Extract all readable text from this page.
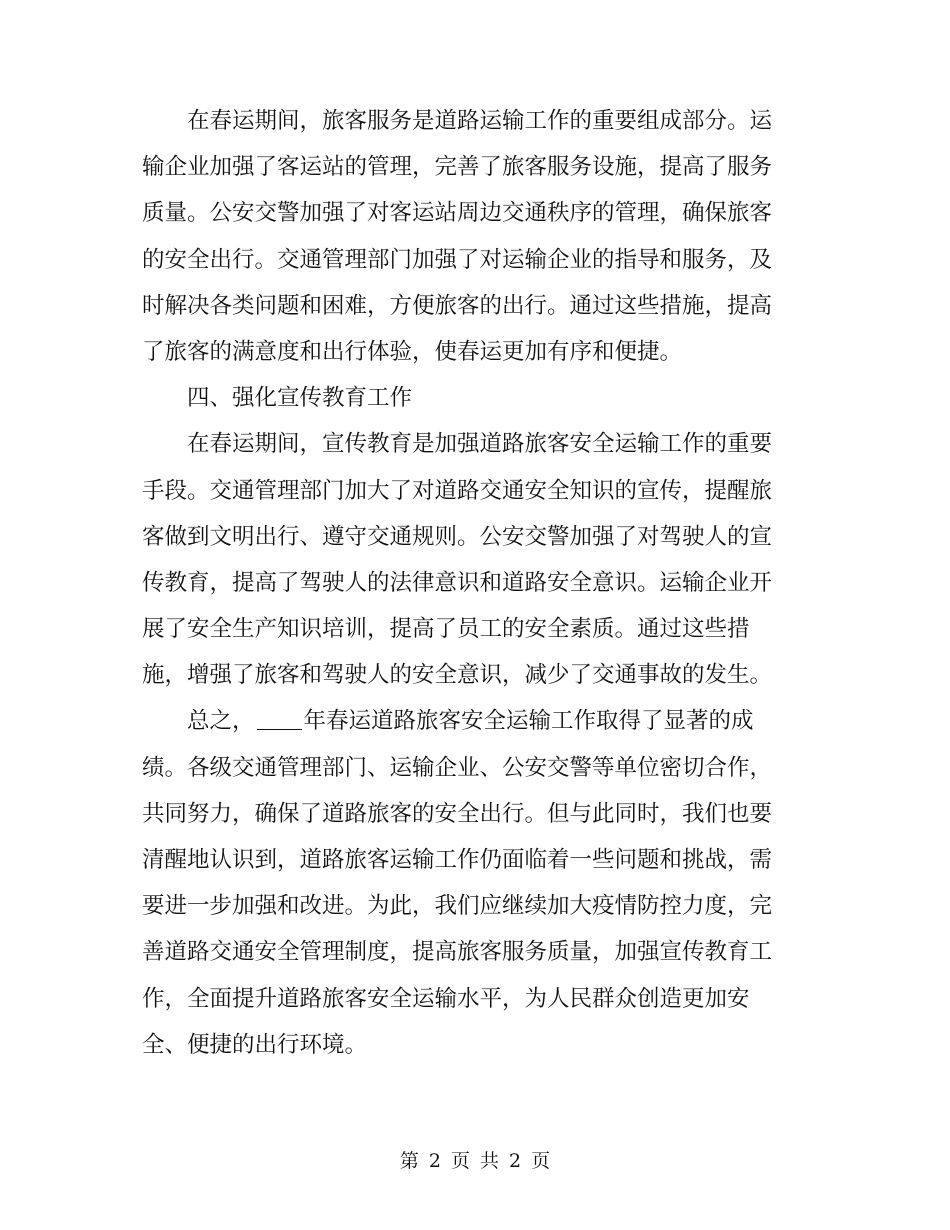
在春运期间，旅客服务是道路运输工作的重要组成部分。运
输企业加强了客运站的管理，完善了旅客服务设施，提高了服务
质量。公安交警加强了对客运站周边交通秩序的管理，确保旅客
的安全出行。交通管理部门加强了对运输企业的指导和服务，及
时解决各类问题和困难，方便旅客的出行。通过这些措施，提高
了旅客的满意度和出行体验，使春运更加有序和便捷。
四、强化宣传教育工作
在春运期间，宣传教育是加强道路旅客安全运输工作的重要
手段。交通管理部门加大了对道路交通安全知识的宣传，提醒旅
客做到文明出行、遵守交通规则。公安交警加强了对驾驶人的宣
传教育，提高了驾驶人的法律意识和道路安全意识。运输企业开
展了安全生产知识培训，提高了员工的安全素质。通过这些措
施，增强了旅客和驾驶人的安全意识，减少了交通事故的发生。
总之， 年春运道路旅客安全运输工作取得了显著的成
绩。各级交通管理部门、运输企业、公安交警等单位密切合作，
共同努力，确保了道路旅客的安全出行。但与此同时，我们也要
清醒地认识到，道路旅客运输工作仍面临着一些问题和挑战，需
要进一步加强和改进。为此，我们应继续加大疫情防控力度，完
善道路交通安全管理制度，提高旅客服务质量，加强宣传教育工
作，全面提升道路旅客安全运输水平，为人民群众创造更加安
全、便捷的出行环境。
第 2 页 共 2 页
